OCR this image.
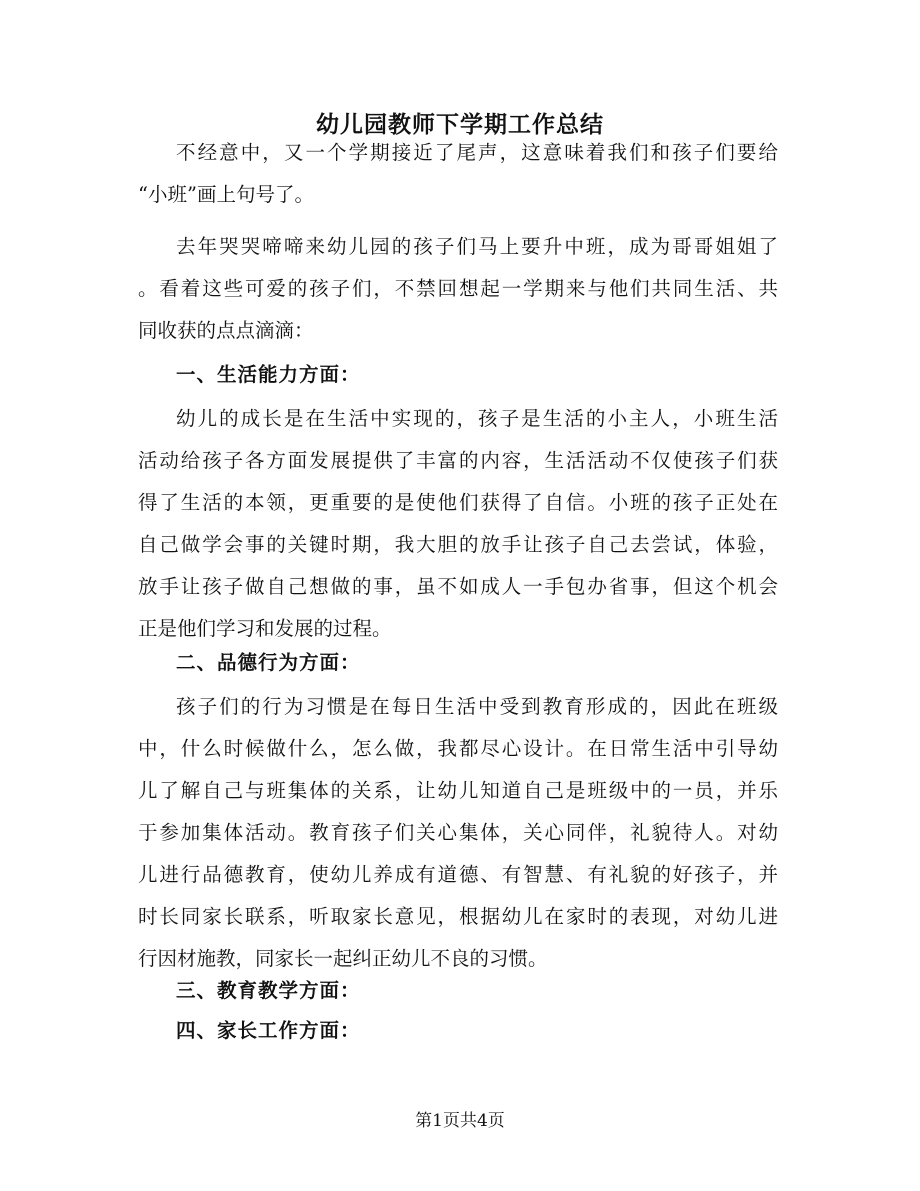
幼儿园教师下学期工作总结
不经意中，又一个学期接近了尾声，这意味着我们和孩子们要给
“小班”画上句号了。
去年哭哭啼啼来幼儿园的孩子们马上要升中班，成为哥哥姐姐了
。看着这些可爱的孩子们，不禁回想起一学期来与他们共同生活、共
同收获的点点滴滴：
一、生活能力方面：
幼儿的成长是在生活中实现的，孩子是生活的小主人，小班生活
活动给孩子各方面发展提供了丰富的内容，生活活动不仅使孩子们获
得了生活的本领，更重要的是使他们获得了自信。小班的孩子正处在
自己做学会事的关键时期，我大胆的放手让孩子自己去尝试，体验，
放手让孩子做自己想做的事，虽不如成人一手包办省事，但这个机会
正是他们学习和发展的过程。
二、品德行为方面：
孩子们的行为习惯是在每日生活中受到教育形成的，因此在班级
中，什么时候做什么，怎么做，我都尽心设计。在日常生活中引导幼
儿了解自己与班集体的关系，让幼儿知道自己是班级中的一员，并乐
于参加集体活动。教育孩子们关心集体，关心同伴，礼貌待人。对幼
儿进行品德教育，使幼儿养成有道德、有智慧、有礼貌的好孩子，并
时长同家长联系，听取家长意见，根据幼儿在家时的表现，对幼儿进
行因材施教，同家长一起纠正幼儿不良的习惯。
三、教育教学方面：
四、家长工作方面：
第1页共4页
